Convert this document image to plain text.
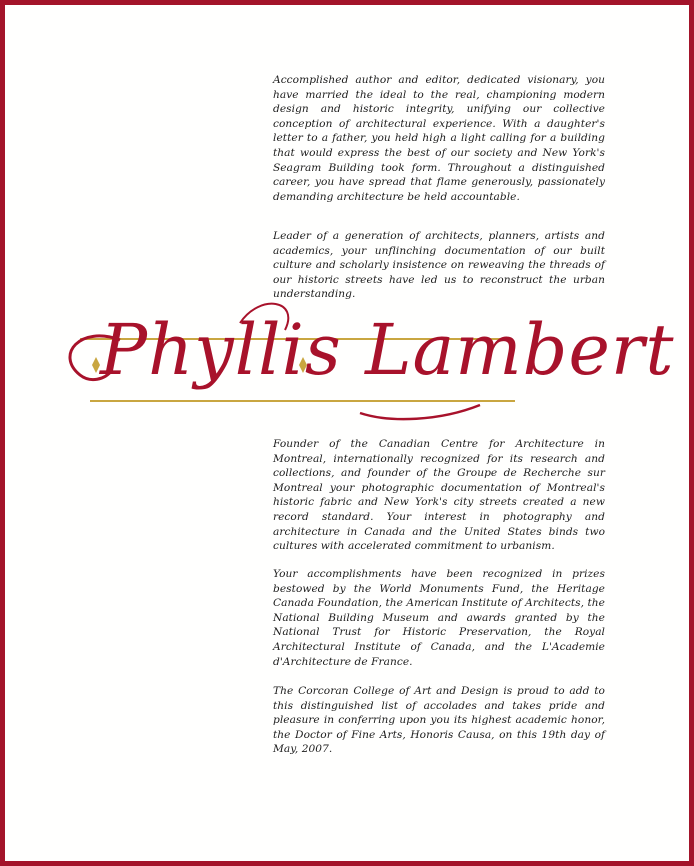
Accomplished author and editor, dedicated visionary, you have married the ideal to the real, championing modern design and historic integrity, unifying our collective conception of architectural experience. With a daughter's letter to a father, you held high a light calling for a building that would express the best of our society and New York's Seagram Building took form. Throughout a distinguished career, you have spread that flame generously, passionately demanding architecture be held accountable.

Leader of a generation of architects, planners, artists and academics, your unflinching documentation of our built culture and scholarly insistence on reweaving the threads of our historic streets have led us to reconstruct the urban understanding.

Phyllis Lambert

Founder of the Canadian Centre for Architecture in Montreal, internationally recognized for its research and collections, and founder of the Groupe de Recherche sur Montreal your photographic documentation of Montreal's historic fabric and New York's city streets created a new record standard. Your interest in photography and architecture in Canada and the United States binds two cultures with accelerated commitment to urbanism.

Your accomplishments have been recognized in prizes bestowed by the World Monuments Fund, the Heritage Canada Foundation, the American Institute of Architects, the National Building Museum and awards granted by the National Trust for Historic Preservation, the Royal Architectural Institute of Canada, and the L'Academie d'Architecture de France.

The Corcoran College of Art and Design is proud to add to this distinguished list of accolades and takes pride and pleasure in conferring upon you its highest academic honor, the Doctor of Fine Arts, Honoris Causa, on this 19th day of May, 2007.
